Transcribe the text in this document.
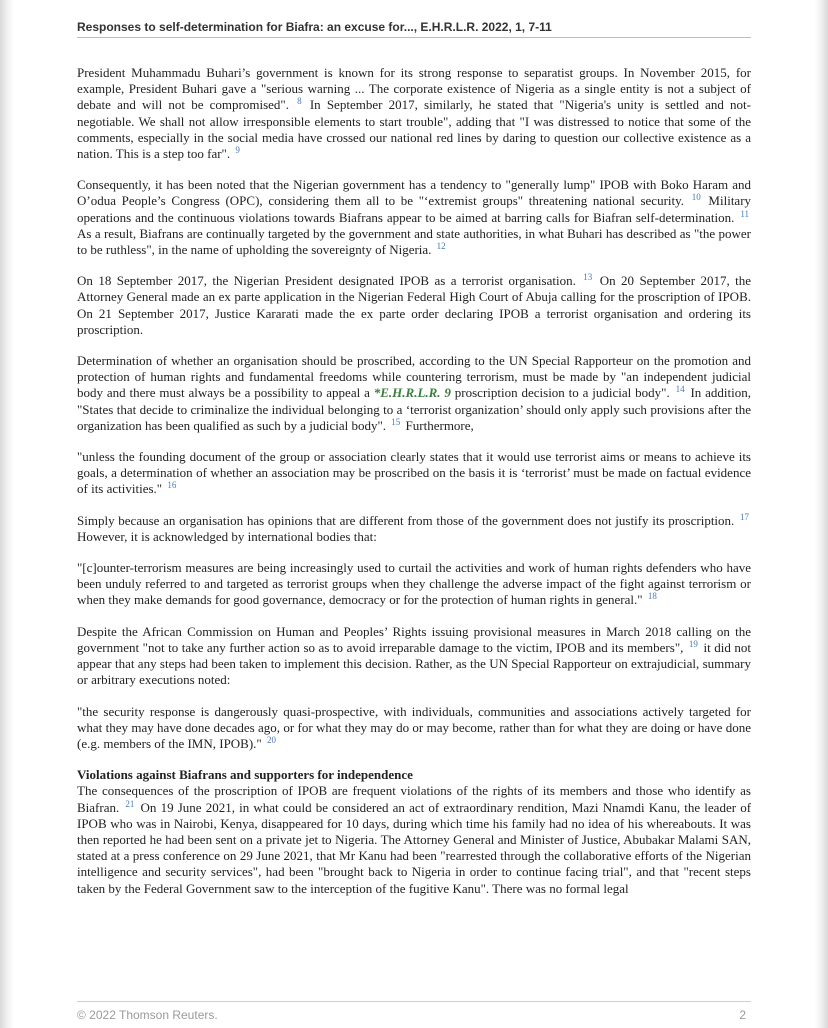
Responses to self-determination for Biafra: an excuse for..., E.H.R.L.R. 2022, 1, 7-11

President Muhammadu Buhari’s government is known for its strong response to separatist groups. In November 2015, for example, President Buhari gave a "serious warning ... The corporate existence of Nigeria as a single entity is not a subject of debate and will not be compromised". $^8$ In September 2017, similarly, he stated that "Nigeria's unity is settled and not-negotiable. We shall not allow irresponsible elements to start trouble", adding that "I was distressed to notice that some of the comments, especially in the social media have crossed our national red lines by daring to question our collective existence as a nation. This is a step too far". $^9$

Consequently, it has been noted that the Nigerian government has a tendency to "generally lump" IPOB with Boko Haram and O’odua People’s Congress (OPC), considering them all to be "‘extremist groups" threatening national security. $^{10}$ Military operations and the continuous violations towards Biafrans appear to be aimed at barring calls for Biafran self-determination. $^{11}$ As a result, Biafrans are continually targeted by the government and state authorities, in what Buhari has described as "the power to be ruthless", in the name of upholding the sovereignty of Nigeria. $^{12}$

On 18 September 2017, the Nigerian President designated IPOB as a terrorist organisation. $^{13}$ On 20 September 2017, the Attorney General made an ex parte application in the Nigerian Federal High Court of Abuja calling for the proscription of IPOB. On 21 September 2017, Justice Kararati made the ex parte order declaring IPOB a terrorist organisation and ordering its proscription.

Determination of whether an organisation should be proscribed, according to the UN Special Rapporteur on the promotion and protection of human rights and fundamental freedoms while countering terrorism, must be made by "an independent judicial body and there must always be a possibility to appeal a *E.H.R.L.R. 9 proscription decision to a judicial body". $^{14}$ In addition, "States that decide to criminalize the individual belonging to a ‘terrorist organization’ should only apply such provisions after the organization has been qualified as such by a judicial body". $^{15}$ Furthermore,

"unless the founding document of the group or association clearly states that it would use terrorist aims or means to achieve its goals, a determination of whether an association may be proscribed on the basis it is ‘terrorist’ must be made on factual evidence of its activities." $^{16}$

Simply because an organisation has opinions that are different from those of the government does not justify its proscription. $^{17}$ However, it is acknowledged by international bodies that:

"[c]ounter-terrorism measures are being increasingly used to curtail the activities and work of human rights defenders who have been unduly referred to and targeted as terrorist groups when they challenge the adverse impact of the fight against terrorism or when they make demands for good governance, democracy or for the protection of human rights in general." $^{18}$

Despite the African Commission on Human and Peoples’ Rights issuing provisional measures in March 2018 calling on the government "not to take any further action so as to avoid irreparable damage to the victim, IPOB and its members", $^{19}$ it did not appear that any steps had been taken to implement this decision. Rather, as the UN Special Rapporteur on extrajudicial, summary or arbitrary executions noted:

"the security response is dangerously quasi-prospective, with individuals, communities and associations actively targeted for what they may have done decades ago, or for what they may do or may become, rather than for what they are doing or have done (e.g. members of the IMN, IPOB)." $^{20}$

Violations against Biafrans and supporters for independence

The consequences of the proscription of IPOB are frequent violations of the rights of its members and those who identify as Biafran. $^{21}$ On 19 June 2021, in what could be considered an act of extraordinary rendition, Mazi Nnamdi Kanu, the leader of IPOB who was in Nairobi, Kenya, disappeared for 10 days, during which time his family had no idea of his whereabouts. It was then reported he had been sent on a private jet to Nigeria. The Attorney General and Minister of Justice, Abubakar Malami SAN, stated at a press conference on 29 June 2021, that Mr Kanu had been "rearrested through the collaborative efforts of the Nigerian intelligence and security services", had been "brought back to Nigeria in order to continue facing trial", and that "recent steps taken by the Federal Government saw to the interception of the fugitive Kanu". There was no formal legal

© 2022 Thomson Reuters.	2
